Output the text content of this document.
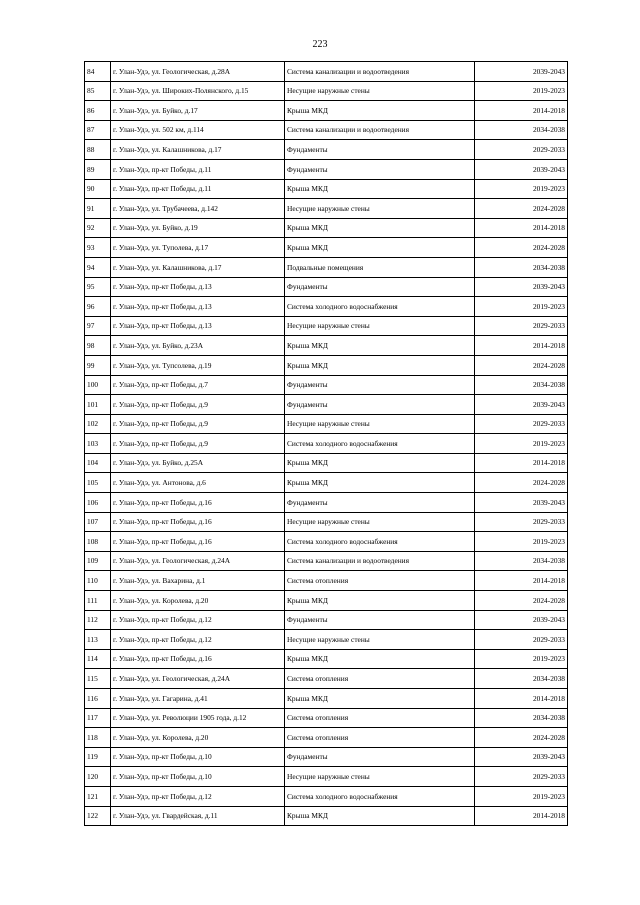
223
84	г. Улан-Удэ, ул. Геологическая, д.28А	Система канализации и водоотведения	2039-2043
85	г. Улан-Удэ, ул. Широких-Полянского, д.15	Несущие наружные стены	2019-2023
86	г. Улан-Удэ, ул. Буйко, д.17	Крыша МКД	2014-2018
87	г. Улан-Удэ, ул. 502 км, д.114	Система канализации и водоотведения	2034-2038
88	г. Улан-Удэ, ул. Калашникова, д.17	Фундаменты	2029-2033
89	г. Улан-Удэ, пр-кт Победы, д.11	Фундаменты	2039-2043
90	г. Улан-Удэ, пр-кт Победы, д.11	Крыша МКД	2019-2023
91	г. Улан-Удэ, ул. Трубачеева, д.142	Несущие наружные стены	2024-2028
92	г. Улан-Удэ, ул. Буйко, д.19	Крыша МКД	2014-2018
93	г. Улан-Удэ, ул. Туполева, д.17	Крыша МКД	2024-2028
94	г. Улан-Удэ, ул. Калашникова, д.17	Подвальные помещения	2034-2038
95	г. Улан-Удэ, пр-кт Победы, д.13	Фундаменты	2039-2043
96	г. Улан-Удэ, пр-кт Победы, д.13	Система холодного водоснабжения	2019-2023
97	г. Улан-Удэ, пр-кт Победы, д.13	Несущие наружные стены	2029-2033
98	г. Улан-Удэ, ул. Буйко, д.23А	Крыша МКД	2014-2018
99	г. Улан-Удэ, ул. Тупсолева, д.19	Крыша МКД	2024-2028
100	г. Улан-Удэ, пр-кт Победы, д.7	Фундаменты	2034-2038
101	г. Улан-Удэ, пр-кт Победы, д.9	Фундаменты	2039-2043
102	г. Улан-Удэ, пр-кт Победы, д.9	Несущие наружные стены	2029-2033
103	г. Улан-Удэ, пр-кт Победы, д.9	Система холодного водоснабжения	2019-2023
104	г. Улан-Удэ, ул. Буйко, д.25А	Крыша МКД	2014-2018
105	г. Улан-Удэ, ул. Антонова, д.6	Крыша МКД	2024-2028
106	г. Улан-Удэ, пр-кт Победы, д.16	Фундаменты	2039-2043
107	г. Улан-Удэ, пр-кт Победы, д.16	Несущие наружные стены	2029-2033
108	г. Улан-Удэ, пр-кт Победы, д.16	Система холодного водоснабжения	2019-2023
109	г. Улан-Удэ, ул. Геологическая, д.24А	Система канализации и водоотведения	2034-2038
110	г. Улан-Удэ, ул. Вахарина, д.1	Система отопления	2014-2018
111	г. Улан-Удэ, ул. Королева, д.20	Крыша МКД	2024-2028
112	г. Улан-Удэ, пр-кт Победы, д.12	Фундаменты	2039-2043
113	г. Улан-Удэ, пр-кт Победы, д.12	Несущие наружные стены	2029-2033
114	г. Улан-Удэ, пр-кт Победы, д.16	Крыша МКД	2019-2023
115	г. Улан-Удэ, ул. Геологическая, д.24А	Система отопления	2034-2038
116	г. Улан-Удэ, ул. Гагарина, д.41	Крыша МКД	2014-2018
117	г. Улан-Удэ, ул. Революции 1905 года, д.12	Система отопления	2034-2038
118	г. Улан-Удэ, ул. Королева, д.20	Система отопления	2024-2028
119	г. Улан-Удэ, пр-кт Победы, д.10	Фундаменты	2039-2043
120	г. Улан-Удэ, пр-кт Победы, д.10	Несущие наружные стены	2029-2033
121	г. Улан-Удэ, пр-кт Победы, д.12	Система холодного водоснабжения	2019-2023
122	г. Улан-Удэ, ул. Гвардейская, д.11	Крыша МКД	2014-2018
